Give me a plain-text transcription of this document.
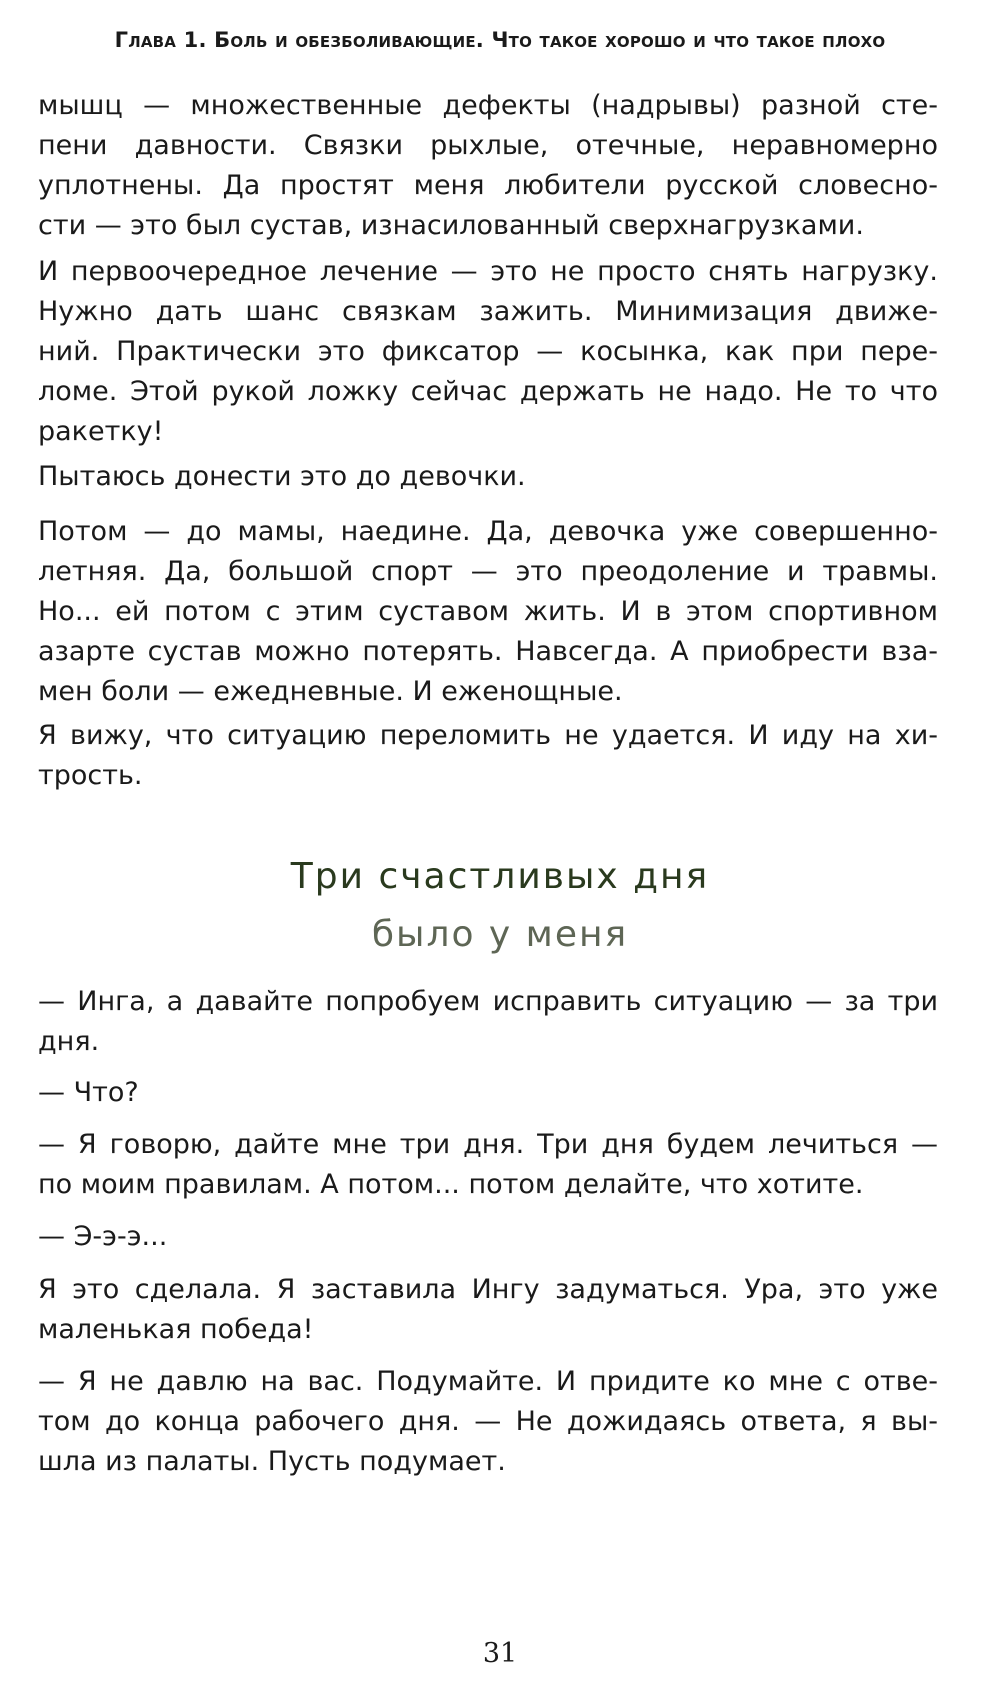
Глава 1. Боль и обезболивающие. Что такое хорошо и что такое плохо
мышц — множественные дефекты (надрывы) разной сте-
пени давности. Связки рыхлые, отечные, неравномерно
уплотнены. Да простят меня любители русской словесно-
сти — это был сустав, изнасилованный сверхнагрузками.
И первоочередное лечение — это не просто снять нагрузку.
Нужно дать шанс связкам зажить. Минимизация движе-
ний. Практически это фиксатор — косынка, как при пере-
ломе. Этой рукой ложку сейчас держать не надо. Не то что
ракетку!
Пытаюсь донести это до девочки.
Потом — до мамы, наедине. Да, девочка уже совершенно-
летняя. Да, большой спорт — это преодоление и травмы.
Но... ей потом с этим суставом жить. И в этом спортивном
азарте сустав можно потерять. Навсегда. А приобрести вза-
мен боли — ежедневные. И еженощные.
Я вижу, что ситуацию переломить не удается. И иду на хи-
трость.
Три счастливых дня
было у меня
— Инга, а давайте попробуем исправить ситуацию — за три
дня.
— Что?
— Я говорю, дайте мне три дня. Три дня будем лечиться —
по моим правилам. А потом... потом делайте, что хотите.
— Э-э-э...
Я это сделала. Я заставила Ингу задуматься. Ура, это уже
маленькая победа!
— Я не давлю на вас. Подумайте. И придите ко мне с отве-
том до конца рабочего дня. — Не дожидаясь ответа, я вы-
шла из палаты. Пусть подумает.
31
